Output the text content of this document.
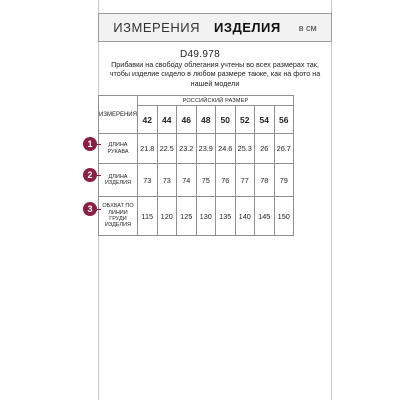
ИЗМЕРЕНИЯ ИЗДЕЛИЯ в см
D49.978
Прибавки на свободу облегания учтены во всех размерах так, чтобы изделие сидело в любом размере также, как на фото на нашей модели
ИЗМЕРЕНИЯ	РОССИЙСКИЙ РАЗМЕР							
	42	44	46	48	50	52	54	56
ДЛИНА РУКАВА	21.8	22.5	23.2	23.9	24.6	25.3	26	26.7
ДЛИНА ИЗДЕЛИЯ	73	73	74	75	76	77	78	79
ОБХВАТ ПО ЛИНИИ ГРУДИ ИЗДЕЛИЯ	115	120	125	130	135	140	145	150
1
2
3
